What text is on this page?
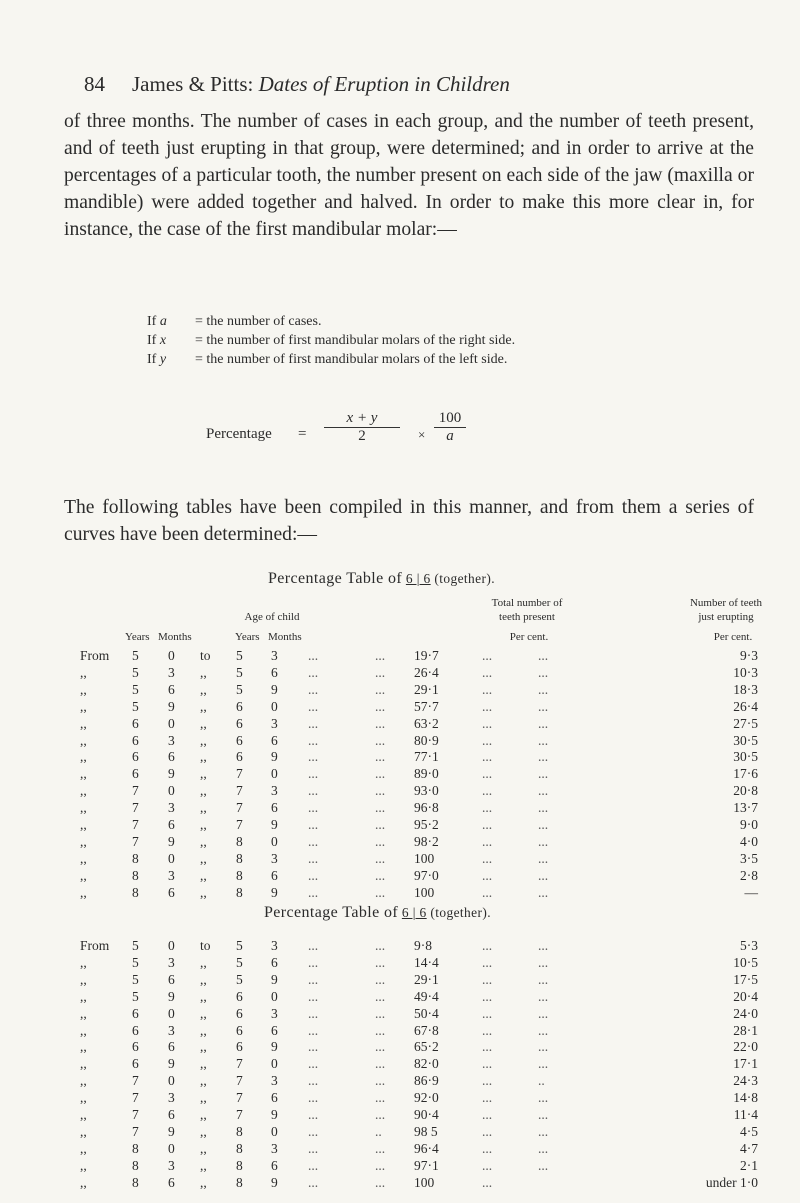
84 James & Pitts: Dates of Eruption in Children

of three months. The number of cases in each group, and the number of teeth present, and of teeth just erupting in that group, were determined; and in order to arrive at the percentages of a particular tooth, the number present on each side of the jaw (maxilla or mandible) were added together and halved. In order to make this more clear in, for instance, the case of the first mandibular molar:—

If a = the number of cases.
If x = the number of first mandibular molars of the right side.
If y = the number of first mandibular molars of the left side.
Percentage = $\frac{x + y}{2} \times \frac{100}{a}$

The following tables have been compiled in this manner, and from them a series of curves have been determined:—

Percentage Table of 6 | 6 (together).
Age of child
Years Months	Years Months
Total number of
teeth present
Per cent.
Number of teeth
just erupting
Per cent.
From 5 0 to 5 3 ...	... 19·7	...	...	9·3
,,	5 3 ,, 5 6 ...	... 26·4	...	...	10·3
,,	5 6 ,, 5 9 ...	... 29·1	...	...	18·3
,,	5 9 ,, 6 0 ...	... 57·7	...	...	26·4
,,	6 0 ,, 6 3 ...	... 63·2	...	...	27·5
,,	6 3 ,, 6 6 ...	... 80·9	...	...	30·5
,,	6 6 ,, 6 9 ...	... 77·1	...	...	30·5
,,	6 9 ,, 7 0 ...	... 89·0	...	...	17·6
,,	7 0 ,, 7 3 ...	... 93·0	...	...	20·8
,,	7 3 ,, 7 6 ...	... 96·8	...	...	13·7
,,	7 6 ,, 7 9 ...	... 95·2	...	...	9·0
,,	7 9 ,, 8 0 ...	... 98·2	...	...	4·0
,,	8 0 ,, 8 3 ...	... 100	...	...	3·5
,,	8 3 ,, 8 6 ...	... 97·0	...	...	2·8
,,	8 6 ,, 8 9 ...	... 100	...	...	—
Percentage Table of 6 | 6 (together).
From 5 0 to 5 3 ...	... 9·8	...	...	5·3
,,	5 3 ,, 5 6 ...	... 14·4	...	...	10·5
,,	5 6 ,, 5 9 ...	... 29·1	...	...	17·5
,,	5 9 ,, 6 0 ...	... 49·4	...	...	20·4
,,	6 0 ,, 6 3 ...	... 50·4	...	...	24·0
,,	6 3 ,, 6 6 ...	... 67·8	...	...	28·1
,,	6 6 ,, 6 9 ...	... 65·2	...	...	22·0
,,	6 9 ,, 7 0 ...	... 82·0	...	...	17·1
,,	7 0 ,, 7 3 ...	... 86·9	...	..	24·3
,,	7 3 ,, 7 6 ...	... 92·0	...	...	14·8
,,	7 6 ,, 7 9 ...	... 90·4	...	...	11·4
,,	7 9 ,, 8 0 ...	.. 98 5	...	...	4·5
,,	8 0 ,, 8 3 ...	... 96·4	...	...	4·7
,,	8 3 ,, 8 6 ...	... 97·1	...	...	2·1
,,	8 6 ,, 8 9 ...	... 100	...	under 1·0
